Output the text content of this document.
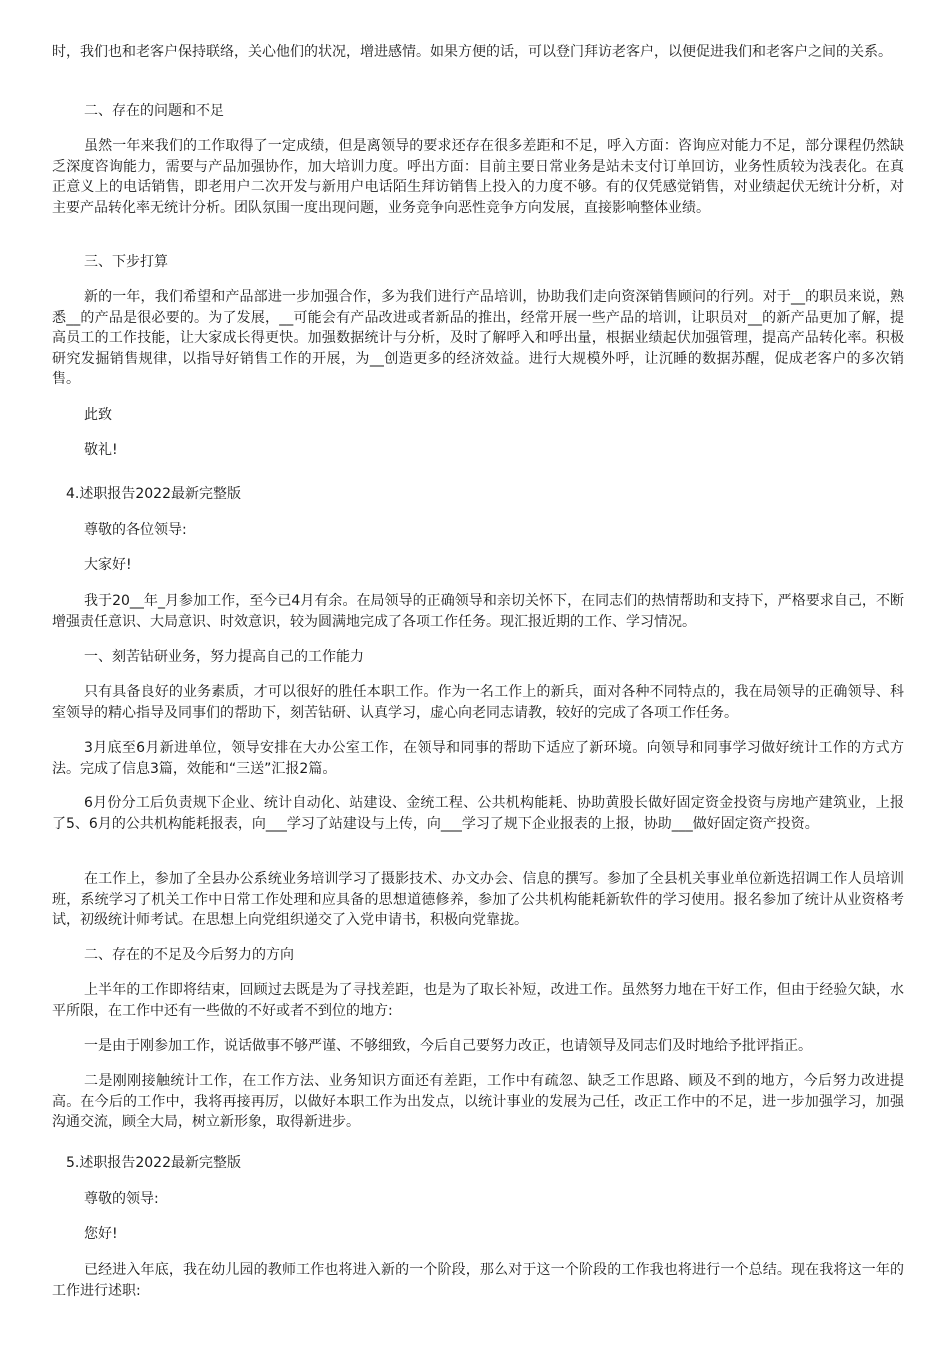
时，我们也和老客户保持联络，关心他们的状况，增进感情。如果方便的话，可以登门拜访老客户，以便促进我们和老客户之间的关系。

二、存在的问题和不足

虽然一年来我们的工作取得了一定成绩，但是离领导的要求还存在很多差距和不足，呼入方面：咨询应对能力不足，部分课程仍然缺乏深度咨询能力，需要与产品加强协作，加大培训力度。呼出方面：目前主要日常业务是站未支付订单回访，业务性质较为浅表化。在真正意义上的电话销售，即老用户二次开发与新用户电话陌生拜访销售上投入的力度不够。有的仅凭感觉销售，对业绩起伏无统计分析，对主要产品转化率无统计分析。团队氛围一度出现问题，业务竞争向恶性竞争方向发展，直接影响整体业绩。

三、下步打算

新的一年，我们希望和产品部进一步加强合作，多为我们进行产品培训，协助我们走向资深销售顾问的行列。对于__的职员来说，熟悉__的产品是很必要的。为了发展，__可能会有产品改进或者新品的推出，经常开展一些产品的培训，让职员对__的新产品更加了解，提高员工的工作技能，让大家成长得更快。加强数据统计与分析，及时了解呼入和呼出量，根据业绩起伏加强管理，提高产品转化率。积极研究发掘销售规律，以指导好销售工作的开展，为__创造更多的经济效益。进行大规模外呼，让沉睡的数据苏醒，促成老客户的多次销售。

此致

敬礼!

4.述职报告2022最新完整版

尊敬的各位领导:

大家好!

我于20__年_月参加工作，至今已4月有余。在局领导的正确领导和亲切关怀下，在同志们的热情帮助和支持下，严格要求自己，不断增强责任意识、大局意识、时效意识，较为圆满地完成了各项工作任务。现汇报近期的工作、学习情况。

一、刻苦钻研业务，努力提高自己的工作能力

只有具备良好的业务素质，才可以很好的胜任本职工作。作为一名工作上的新兵，面对各种不同特点的，我在局领导的正确领导、科室领导的精心指导及同事们的帮助下，刻苦钻研、认真学习，虚心向老同志请教，较好的完成了各项工作任务。

3月底至6月新进单位，领导安排在大办公室工作，在领导和同事的帮助下适应了新环境。向领导和同事学习做好统计工作的方式方法。完成了信息3篇，效能和“三送”汇报2篇。

6月份分工后负责规下企业、统计自动化、站建设、金统工程、公共机构能耗、协助黄股长做好固定资金投资与房地产建筑业，上报了5、6月的公共机构能耗报表，向___学习了站建设与上传，向___学习了规下企业报表的上报，协助___做好固定资产投资。

在工作上，参加了全县办公系统业务培训学习了摄影技术、办文办会、信息的撰写。参加了全县机关事业单位新选招调工作人员培训班，系统学习了机关工作中日常工作处理和应具备的思想道德修养，参加了公共机构能耗新软件的学习使用。报名参加了统计从业资格考试，初级统计师考试。在思想上向党组织递交了入党申请书，积极向党靠拢。

二、存在的不足及今后努力的方向

上半年的工作即将结束，回顾过去既是为了寻找差距，也是为了取长补短，改进工作。虽然努力地在干好工作，但由于经验欠缺，水平所限，在工作中还有一些做的不好或者不到位的地方:

一是由于刚参加工作，说话做事不够严谨、不够细致，今后自己要努力改正，也请领导及同志们及时地给予批评指正。

二是刚刚接触统计工作，在工作方法、业务知识方面还有差距，工作中有疏忽、缺乏工作思路、顾及不到的地方，今后努力改进提高。在今后的工作中，我将再接再厉，以做好本职工作为出发点，以统计事业的发展为己任，改正工作中的不足，进一步加强学习，加强沟通交流，顾全大局，树立新形象，取得新进步。

5.述职报告2022最新完整版

尊敬的领导:

您好!

已经进入年底，我在幼儿园的教师工作也将进入新的一个阶段，那么对于这一个阶段的工作我也将进行一个总结。现在我将这一年的工作进行述职:
